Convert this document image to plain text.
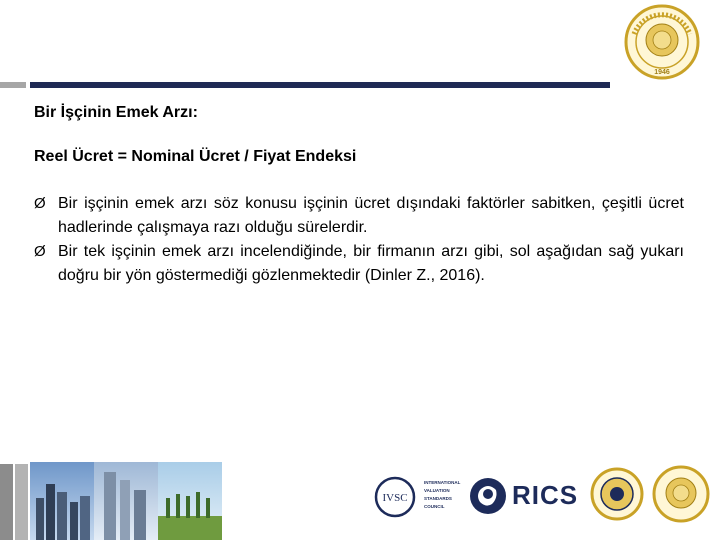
1946

Bir İşçinin Emek Arzı:

Reel Ücret = Nominal Ücret / Fiyat Endeksi

Ø Bir işçinin emek arzı söz konusu işçinin ücret dışındaki faktörler sabitken, çeşitli ücret hadlerinde çalışmaya razı olduğu sürelerdir.
Ø Bir tek işçinin emek arzı incelendiğinde, bir firmanın arzı gibi, sol aşağıdan sağ yukarı doğru bir yön göstermediği gözlenmektedir (Dinler Z., 2016).
IVSC
INTERNATIONAL VALUATION STANDARDS COUNCIL	RICS
